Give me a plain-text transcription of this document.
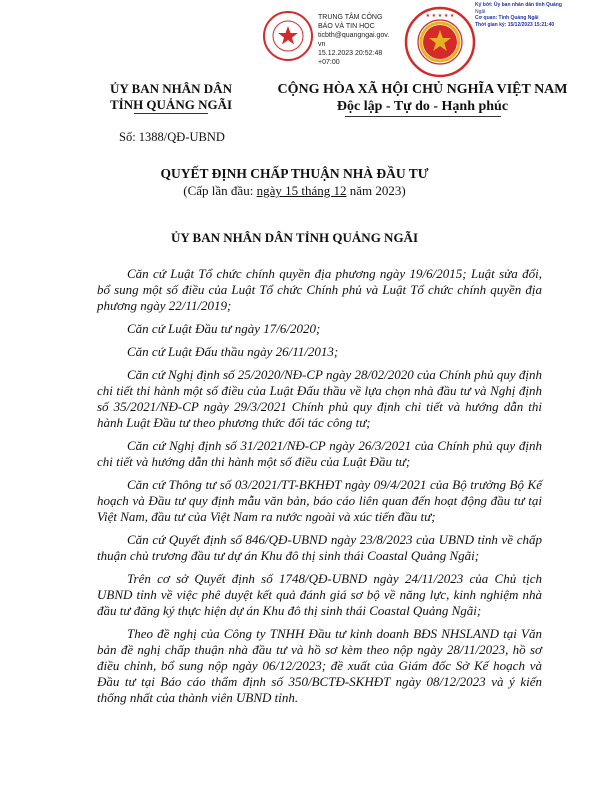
TRUNG TÂM CÔNG
BÁO VÀ TIN HỌC
ticbth@quangngai.gov.
vn
15.12.2023 20:52:48
+07:00
★ ★ ★ ★ ★
Ký bởi: Ủy ban nhân dân tỉnh Quảng
Ngãi
Cơ quan: Tỉnh Quảng Ngãi
Thời gian ký: 15/12/2023 15:21:40
ỦY BAN NHÂN DÂN
TỈNH QUẢNG NGÃI
CỘNG HÒA XÃ HỘI CHỦ NGHĨA VIỆT NAM
Độc lập - Tự do - Hạnh phúc
Số: 1388/QĐ-UBND
QUYẾT ĐỊNH CHẤP THUẬN NHÀ ĐẦU TƯ
(Cấp lần đầu: ngày 15 tháng 12 năm 2023)
ỦY BAN NHÂN DÂN TỈNH QUẢNG NGÃI

Căn cứ Luật Tổ chức chính quyền địa phương ngày 19/6/2015; Luật sửa đổi, bổ sung một số điều của Luật Tổ chức Chính phủ và Luật Tổ chức chính quyền địa phương ngày 22/11/2019;

Căn cứ Luật Đầu tư ngày 17/6/2020;

Căn cứ Luật Đấu thầu ngày 26/11/2013;

Căn cứ Nghị định số 25/2020/NĐ-CP ngày 28/02/2020 của Chính phủ quy định chi tiết thi hành một số điều của Luật Đấu thầu về lựa chọn nhà đầu tư và Nghị định số 35/2021/NĐ-CP ngày 29/3/2021 Chính phủ quy định chi tiết và hướng dẫn thi hành Luật Đầu tư theo phương thức đối tác công tư;

Căn cứ Nghị định số 31/2021/NĐ-CP ngày 26/3/2021 của Chính phủ quy định chi tiết và hướng dẫn thi hành một số điều của Luật Đầu tư;

Căn cứ Thông tư số 03/2021/TT-BKHĐT ngày 09/4/2021 của Bộ trưởng Bộ Kế hoạch và Đầu tư quy định mẫu văn bản, báo cáo liên quan đến hoạt động đầu tư tại Việt Nam, đầu tư của Việt Nam ra nước ngoài và xúc tiến đầu tư;

Căn cứ Quyết định số 846/QĐ-UBND ngày 23/8/2023 của UBND tỉnh về chấp thuận chủ trương đầu tư dự án Khu đô thị sinh thái Coastal Quảng Ngãi;

Trên cơ sở Quyết định số 1748/QĐ-UBND ngày 24/11/2023 của Chủ tịch UBND tỉnh về việc phê duyệt kết quả đánh giá sơ bộ về năng lực, kinh nghiệm nhà đầu tư đăng ký thực hiện dự án Khu đô thị sinh thái Coastal Quảng Ngãi;

Theo đề nghị của Công ty TNHH Đầu tư kinh doanh BĐS NHSLAND tại Văn bản đề nghị chấp thuận nhà đầu tư và hồ sơ kèm theo nộp ngày 28/11/2023, hồ sơ điều chỉnh, bổ sung nộp ngày 06/12/2023; đề xuất của Giám đốc Sở Kế hoạch và Đầu tư tại Báo cáo thẩm định số 350/BCTĐ-SKHĐT ngày 08/12/2023 và ý kiến thống nhất của thành viên UBND tỉnh.
